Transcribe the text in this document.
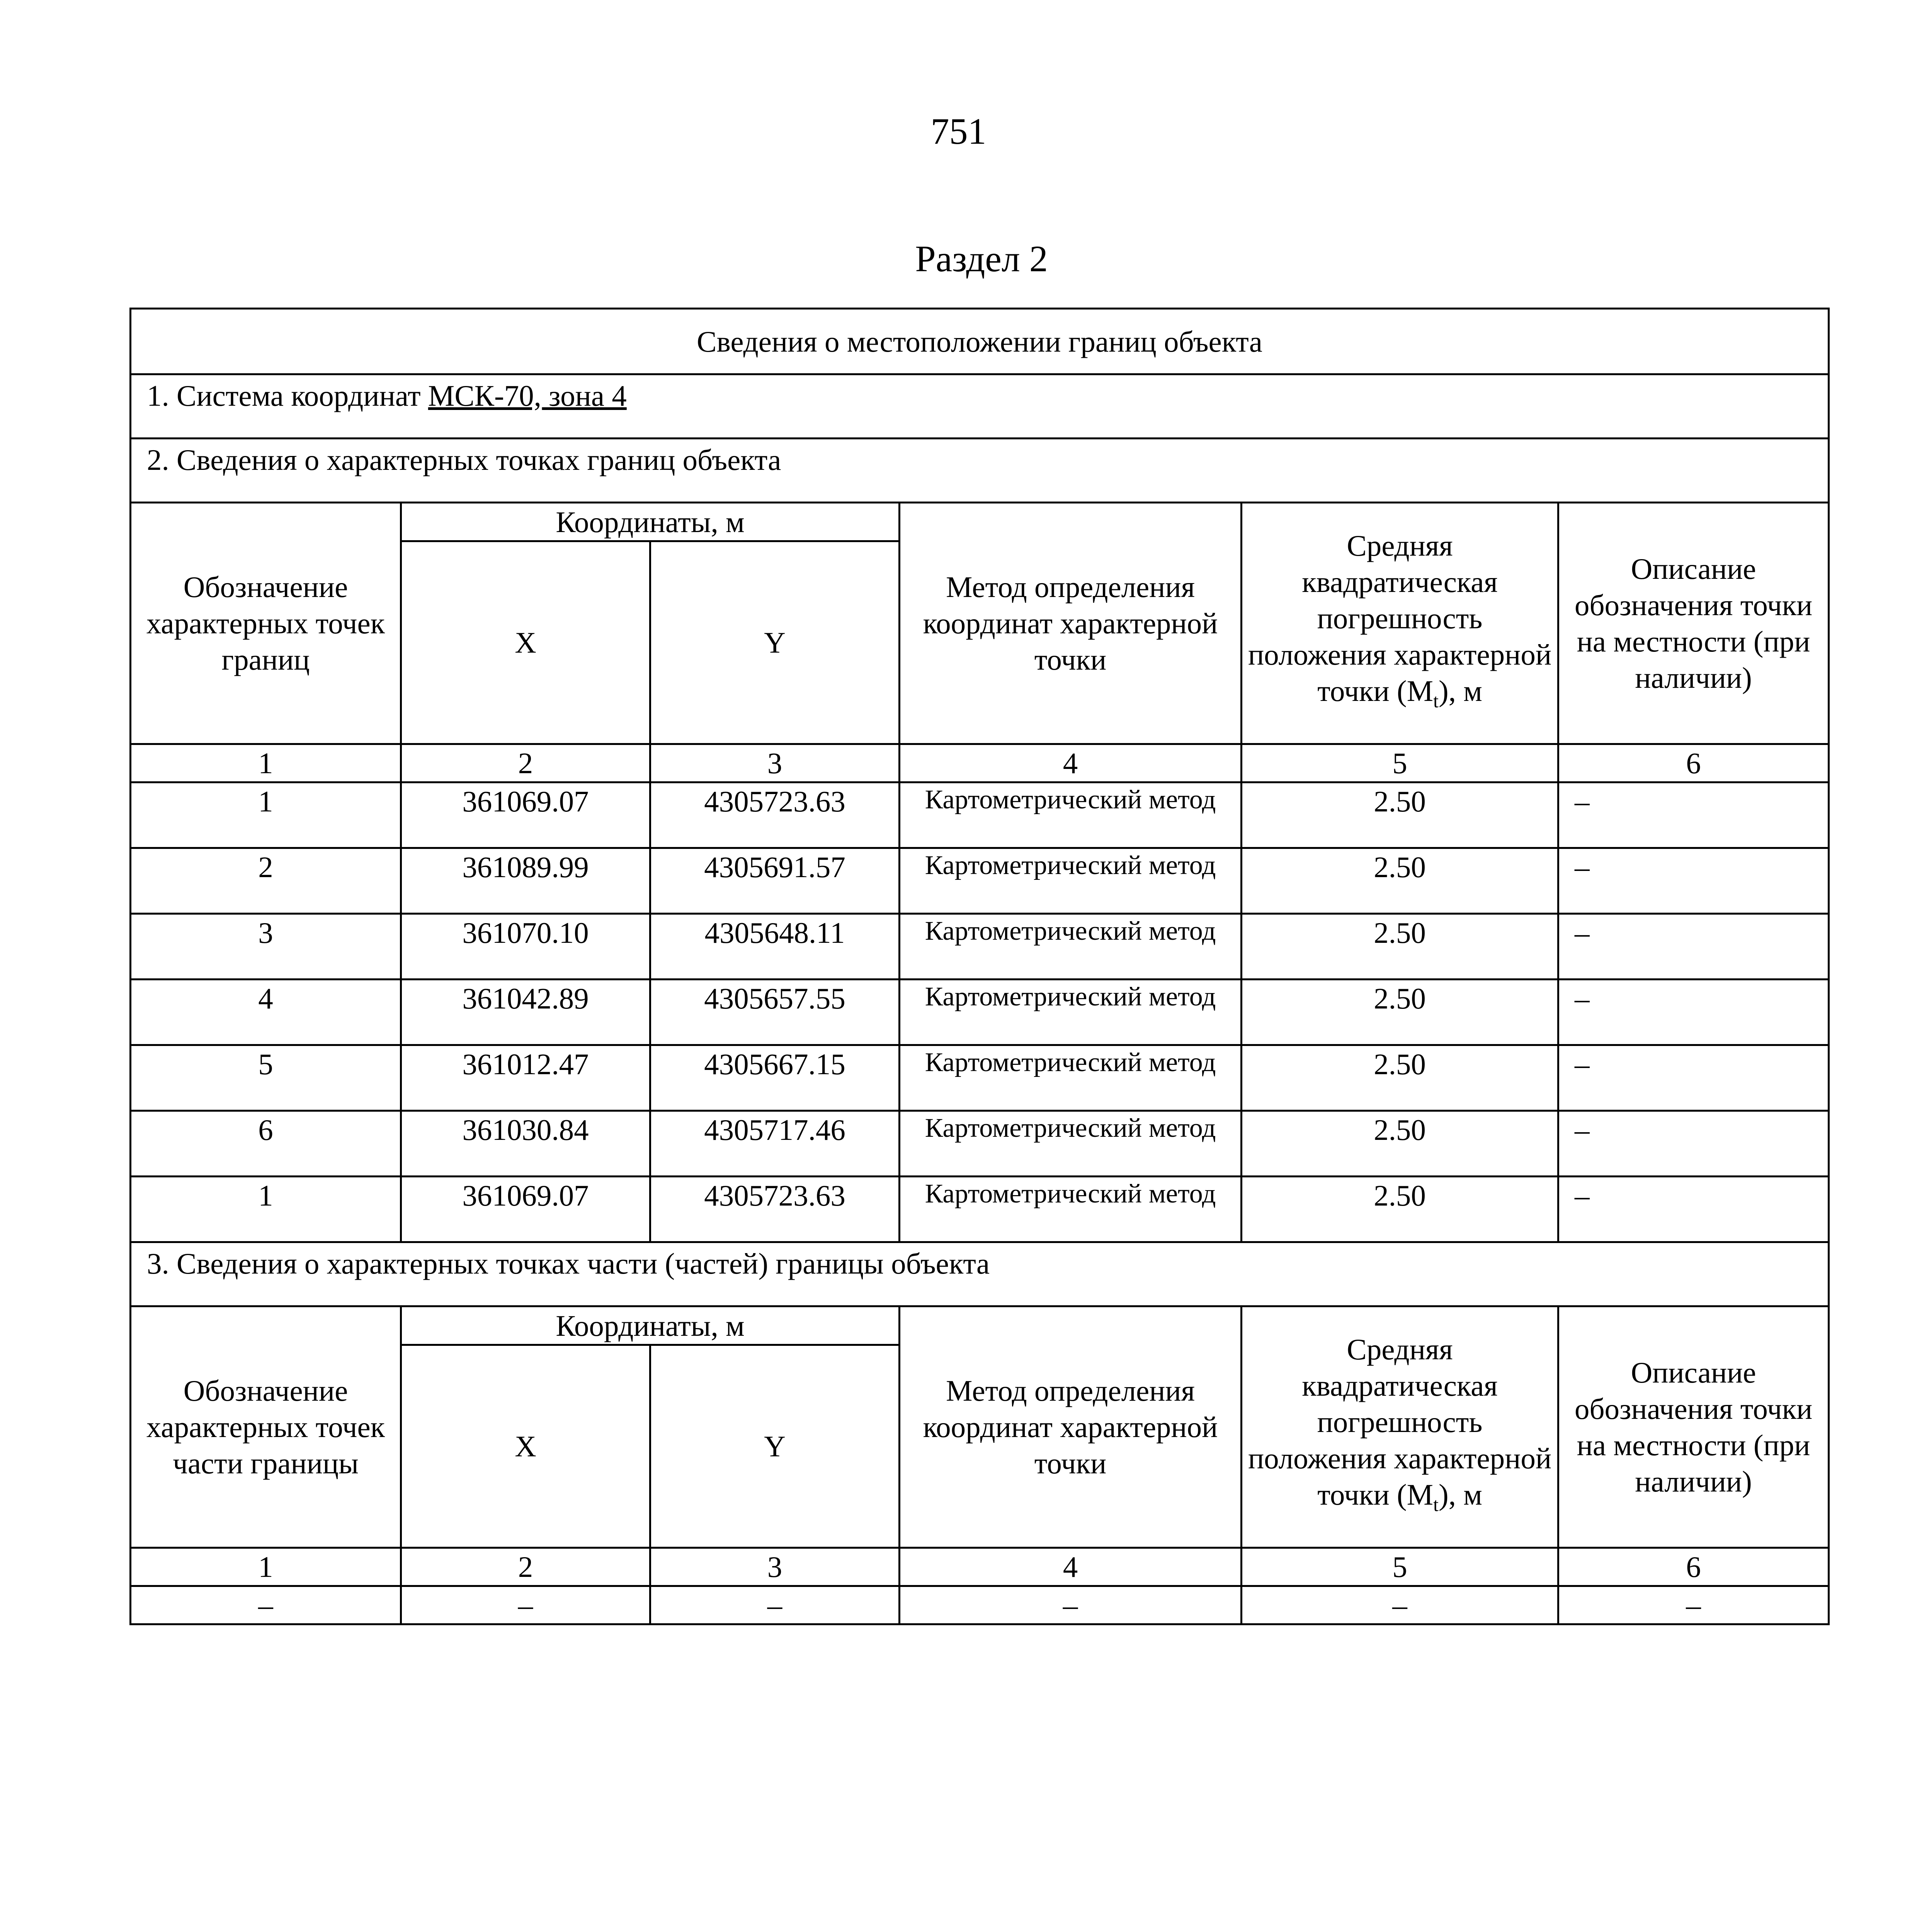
751
Раздел 2
Сведения о местоположении границ объекта					
1. Система координат МСК-70, зона 4					
2. Сведения о характерных точках границ объекта					
Обозначение характерных точек границ	Координаты, м		Метод определения координат характерной точки	Средняя квадратическая погрешность положения характерной точки $(M_t)$, м	Описание обозначения точки на местности (при наличии)
	X	Y			
1	2	3	4	5	6
1	361069.07	4305723.63	Картометрический метод	2.50	–
2	361089.99	4305691.57	Картометрический метод	2.50	–
3	361070.10	4305648.11	Картометрический метод	2.50	–
4	361042.89	4305657.55	Картометрический метод	2.50	–
5	361012.47	4305667.15	Картометрический метод	2.50	–
6	361030.84	4305717.46	Картометрический метод	2.50	–
1	361069.07	4305723.63	Картометрический метод	2.50	–
3. Сведения о характерных точках части (частей) границы объекта					
Обозначение характерных точек части границы	Координаты, м		Метод определения координат характерной точки	Средняя квадратическая погрешность положения характерной точки $(M_t)$, м	Описание обозначения точки на местности (при наличии)
	X	Y			
1	2	3	4	5	6
–	–	–	–	–	–
